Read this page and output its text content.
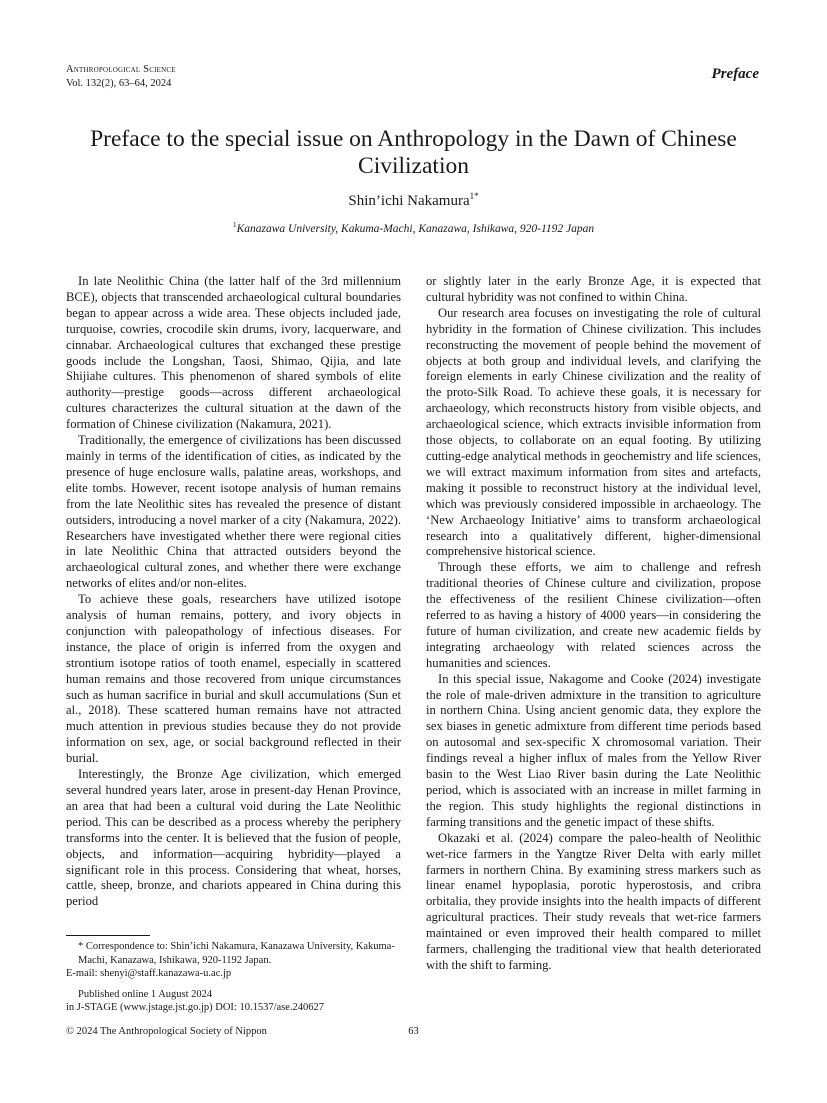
Anthropological Science
Vol. 132(2), 63–64, 2024
Preface
Preface to the special issue on Anthropology in the Dawn of Chinese Civilization
Shin’ichi Nakamura$^{1*}$
$^1$Kanazawa University, Kakuma-Machi, Kanazawa, Ishikawa, 920-1192 Japan

In late Neolithic China (the latter half of the 3rd millennium BCE), objects that transcended archaeological cultural boundaries began to appear across a wide area. These objects included jade, turquoise, cowries, crocodile skin drums, ivory, lacquerware, and cinnabar. Archaeological cultures that exchanged these prestige goods include the Longshan, Taosi, Shimao, Qijia, and late Shijiahe cultures. This phenomenon of shared symbols of elite authority—prestige goods—across different archaeological cultures characterizes the cultural situation at the dawn of the formation of Chinese civilization (Nakamura, 2021).

Traditionally, the emergence of civilizations has been discussed mainly in terms of the identification of cities, as indicated by the presence of huge enclosure walls, palatine areas, workshops, and elite tombs. However, recent isotope analysis of human remains from the late Neolithic sites has revealed the presence of distant outsiders, introducing a novel marker of a city (Nakamura, 2022). Researchers have investigated whether there were regional cities in late Neolithic China that attracted outsiders beyond the archaeological cultural zones, and whether there were exchange networks of elites and/or non-elites.

To achieve these goals, researchers have utilized isotope analysis of human remains, pottery, and ivory objects in conjunction with paleopathology of infectious diseases. For instance, the place of origin is inferred from the oxygen and strontium isotope ratios of tooth enamel, especially in scattered human remains and those recovered from unique circumstances such as human sacrifice in burial and skull accumulations (Sun et al., 2018). These scattered human remains have not attracted much attention in previous studies because they do not provide information on sex, age, or social background reflected in their burial.

Interestingly, the Bronze Age civilization, which emerged several hundred years later, arose in present-day Henan Province, an area that had been a cultural void during the Late Neolithic period. This can be described as a process whereby the periphery transforms into the center. It is believed that the fusion of people, objects, and information—acquiring hybridity—played a significant role in this process. Considering that wheat, horses, cattle, sheep, bronze, and chariots appeared in China during this period

or slightly later in the early Bronze Age, it is expected that cultural hybridity was not confined to within China.

Our research area focuses on investigating the role of cultural hybridity in the formation of Chinese civilization. This includes reconstructing the movement of people behind the movement of objects at both group and individual levels, and clarifying the foreign elements in early Chinese civilization and the reality of the proto-Silk Road. To achieve these goals, it is necessary for archaeology, which reconstructs history from visible objects, and archaeological science, which extracts invisible information from those objects, to collaborate on an equal footing. By utilizing cutting-edge analytical methods in geochemistry and life sciences, we will extract maximum information from sites and artefacts, making it possible to reconstruct history at the individual level, which was previously considered impossible in archaeology. The ‘New Archaeology Initiative’ aims to transform archaeological research into a qualitatively different, higher-dimensional comprehensive historical science.

Through these efforts, we aim to challenge and refresh traditional theories of Chinese culture and civilization, propose the effectiveness of the resilient Chinese civilization—often referred to as having a history of 4000 years—in considering the future of human civilization, and create new academic fields by integrating archaeology with related sciences across the humanities and sciences.

In this special issue, Nakagome and Cooke (2024) investigate the role of male-driven admixture in the transition to agriculture in northern China. Using ancient genomic data, they explore the sex biases in genetic admixture from different time periods based on autosomal and sex-specific X chromosomal variation. Their findings reveal a higher influx of males from the Yellow River basin to the West Liao River basin during the Late Neolithic period, which is associated with an increase in millet farming in the region. This study highlights the regional distinctions in farming transitions and the genetic impact of these shifts.

Okazaki et al. (2024) compare the paleo-health of Neolithic wet-rice farmers in the Yangtze River Delta with early millet farmers in northern China. By examining stress markers such as linear enamel hypoplasia, porotic hyperostosis, and cribra orbitalia, they provide insights into the health impacts of different agricultural practices. Their study reveals that wet-rice farmers maintained or even improved their health compared to millet farmers, challenging the traditional view that health deteriorated with the shift to farming.

* Correspondence to: Shin’ichi Nakamura, Kanazawa University, Kakuma-Machi, Kanazawa, Ishikawa, 920-1192 Japan.
E-mail: shenyi@staff.kanazawa-u.ac.jp
Published online 1 August 2024
in J-STAGE (www.jstage.jst.go.jp) DOI: 10.1537/ase.240627
© 2024 The Anthropological Society of Nippon	63
